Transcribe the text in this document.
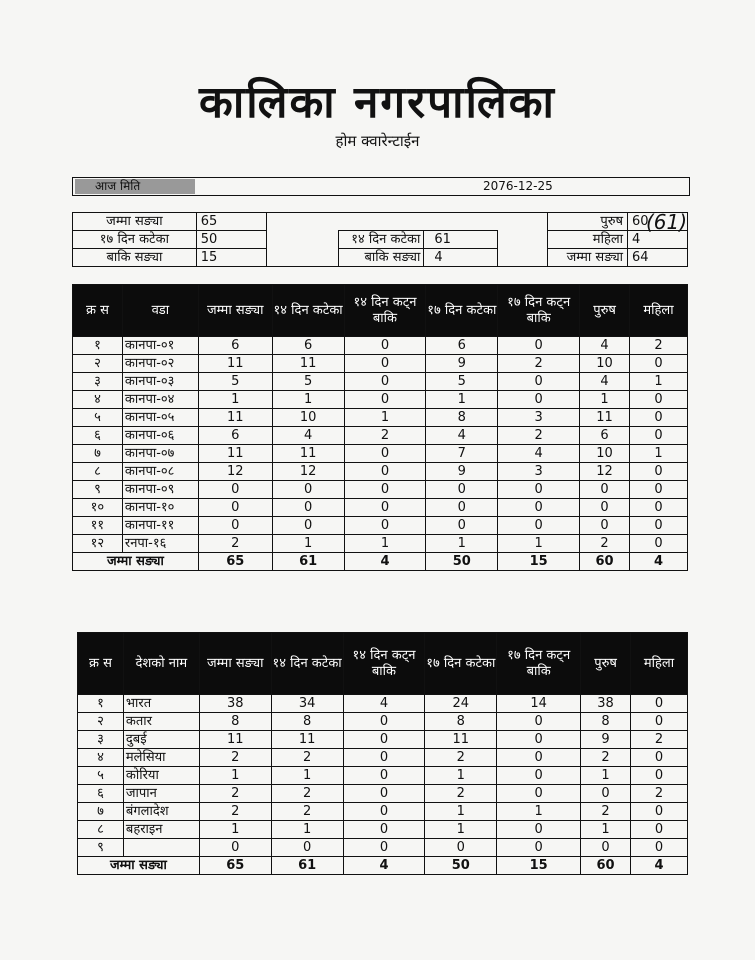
कालिका नगरपालिका
होम क्वारेन्टाईन
आज मिति	2076-12-25
जम्मा सङ्या	65					पुरुष	60
१७ दिन कटेका	50		१४ दिन कटेका	61		महिला	4
बाकि सङ्या	15		बाकि सङ्या	4		जम्मा सङ्या	64
(61)
क्र स	वडा	जम्मा सङ्या	१४ दिन कटेका	१४ दिन कट्न बाकि	१७ दिन कटेका	१७ दिन कट्न बाकि	पुरुष	महिला
१	कानपा-०१	6	6	0	6	0	4	2
२	कानपा-०२	11	11	0	9	2	10	0
३	कानपा-०३	5	5	0	5	0	4	1
४	कानपा-०४	1	1	0	1	0	1	0
५	कानपा-०५	11	10	1	8	3	11	0
६	कानपा-०६	6	4	2	4	2	6	0
७	कानपा-०७	11	11	0	7	4	10	1
८	कानपा-०८	12	12	0	9	3	12	0
९	कानपा-०९	0	0	0	0	0	0	0
१०	कानपा-१०	0	0	0	0	0	0	0
११	कानपा-११	0	0	0	0	0	0	0
१२	रनपा-१६	2	1	1	1	1	2	0
जम्मा सङ्या		65	61	4	50	15	60	4
क्र स	देशको नाम	जम्मा सङ्या	१४ दिन कटेका	१४ दिन कट्न बाकि	१७ दिन कटेका	१७ दिन कट्न बाकि	पुरुष	महिला
१	भारत	38	34	4	24	14	38	0
२	कतार	8	8	0	8	0	8	0
३	दुबई	11	11	0	11	0	9	2
४	मलेसिया	2	2	0	2	0	2	0
५	कोरिया	1	1	0	1	0	1	0
६	जापान	2	2	0	2	0	0	2
७	बंगलादेश	2	2	0	1	1	2	0
८	बहराइन	1	1	0	1	0	1	0
९		0	0	0	0	0	0	0
जम्मा सङ्या		65	61	4	50	15	60	4
